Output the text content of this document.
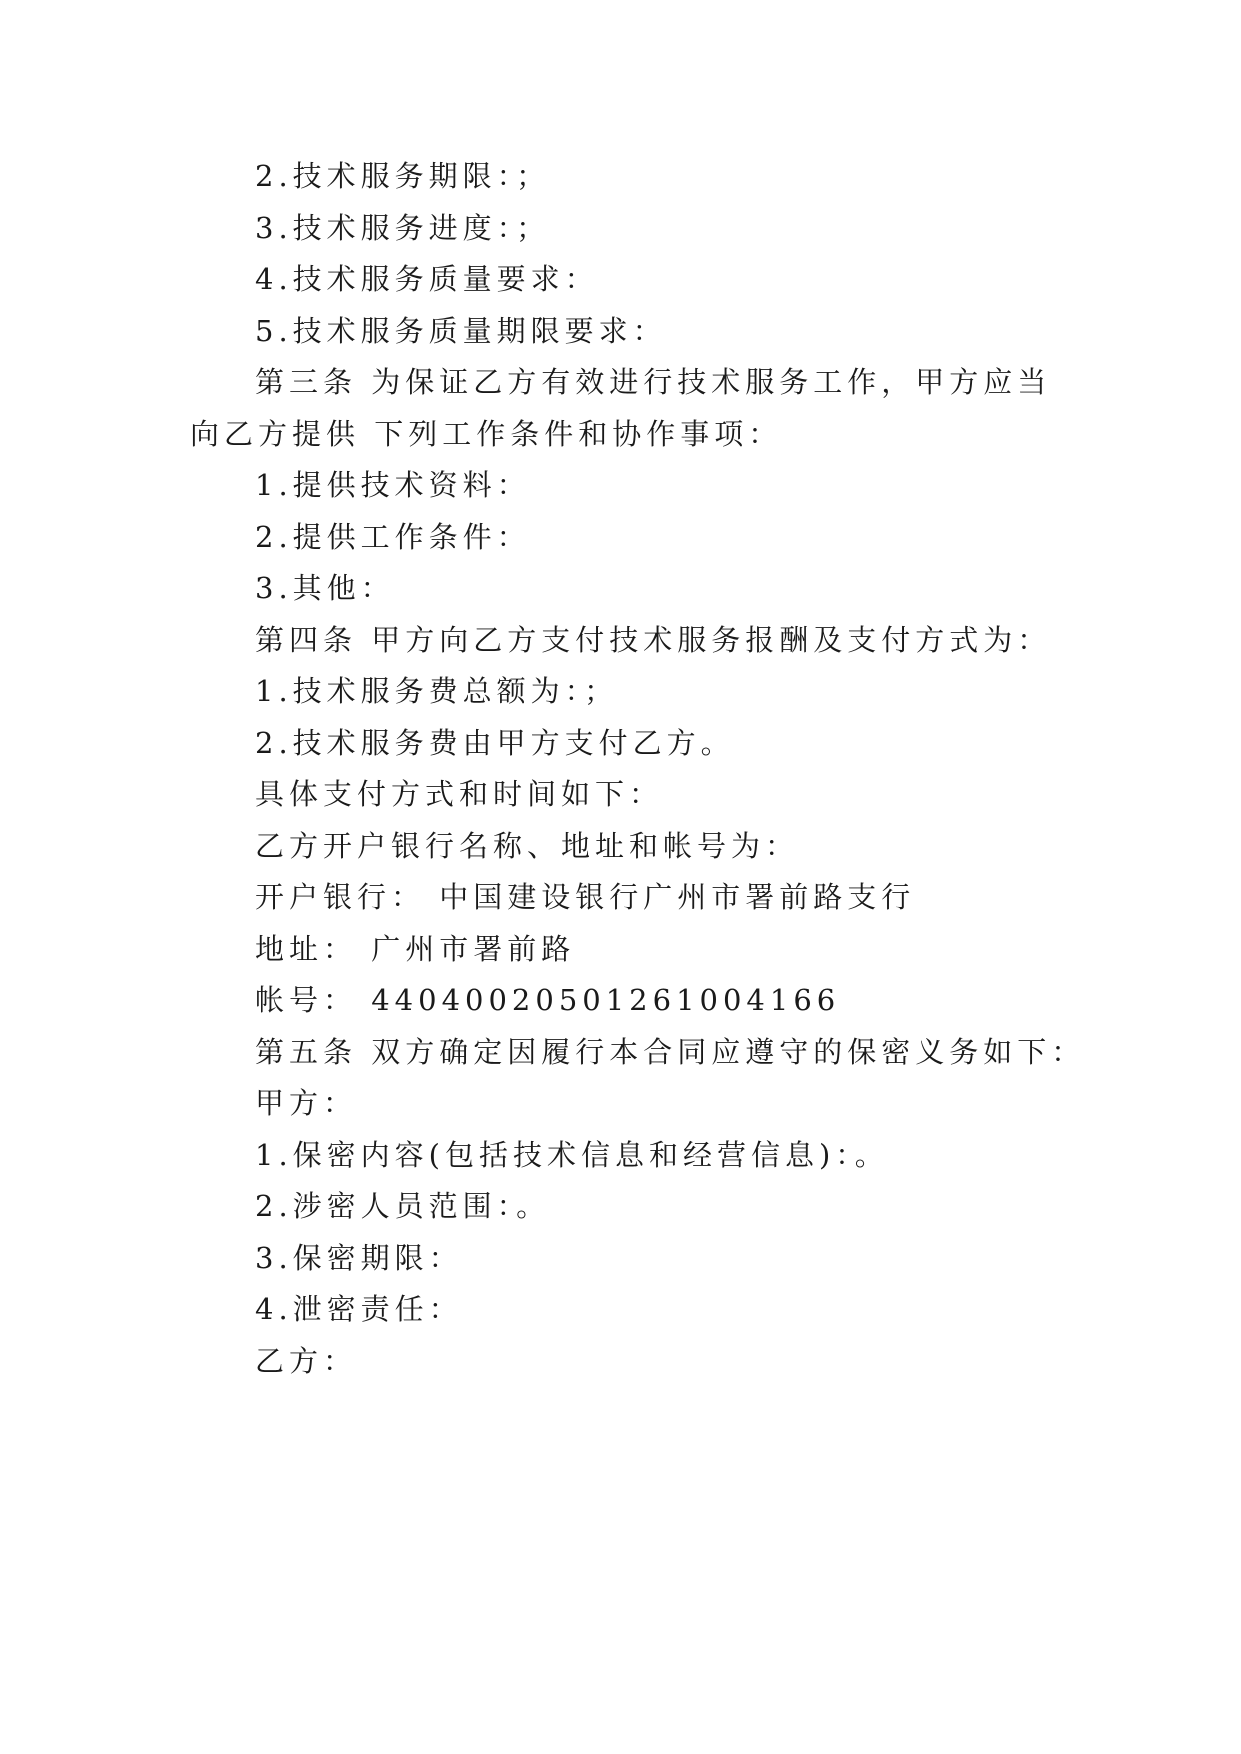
2.技术服务期限：；
3.技术服务进度：；
4.技术服务质量要求：
5.技术服务质量期限要求：
第三条 为保证乙方有效进行技术服务工作，甲方应当
向乙方提供 下列工作条件和协作事项：
1.提供技术资料：
2.提供工作条件：
3.其他：
第四条 甲方向乙方支付技术服务报酬及支付方式为：
1.技术服务费总额为：；
2.技术服务费由甲方支付乙方。
具体支付方式和时间如下：
乙方开户银行名称、地址和帐号为：
开户银行： 中国建设银行广州市署前路支行
地址： 广州市署前路
帐号： 44040020501261004166
第五条 双方确定因履行本合同应遵守的保密义务如下：
甲方：
1.保密内容(包括技术信息和经营信息)：。
2.涉密人员范围：。
3.保密期限：
4.泄密责任：
乙方：
